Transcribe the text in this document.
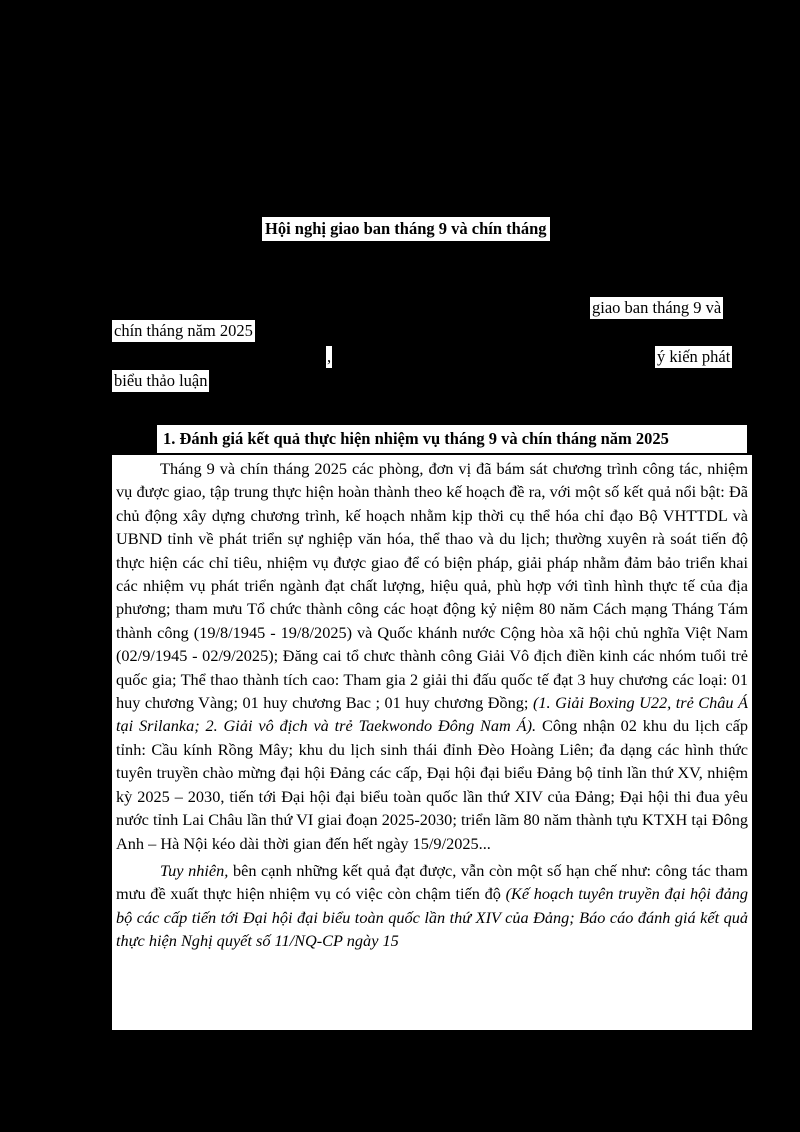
Hội nghị giao ban tháng 9 và chín tháng
giao ban tháng 9 và
chín tháng năm 2025
,	ý kiến phát
biểu thảo luận
1. Đánh giá kết quả thực hiện nhiệm vụ tháng 9 và chín tháng năm 2025

Tháng 9 và chín tháng 2025 các phòng, đơn vị đã bám sát chương trình công tác, nhiệm vụ được giao, tập trung thực hiện hoàn thành theo kế hoạch đề ra, với một số kết quả nổi bật: Đã chủ động xây dựng chương trình, kế hoạch nhằm kịp thời cụ thể hóa chỉ đạo Bộ VHTTDL và UBND tỉnh về phát triển sự nghiệp văn hóa, thể thao và du lịch; thường xuyên rà soát tiến độ thực hiện các chỉ tiêu, nhiệm vụ được giao để có biện pháp, giải pháp nhằm đảm bảo triển khai các nhiệm vụ phát triển ngành đạt chất lượng, hiệu quả, phù hợp với tình hình thực tế của địa phương; tham mưu Tổ chức thành công các hoạt động kỷ niệm 80 năm Cách mạng Tháng Tám thành công (19/8/1945 - 19/8/2025) và Quốc khánh nước Cộng hòa xã hội chủ nghĩa Việt Nam (02/9/1945 - 02/9/2025); Đăng cai tổ chưc thành công Giải Vô địch điền kinh các nhóm tuổi trẻ quốc gia; Thể thao thành tích cao: Tham gia 2 giải thi đấu quốc tế đạt 3 huy chương các loại: 01 huy chương Vàng; 01 huy chương Bac ; 01 huy chương Đồng; (1. Giải Boxing U22, trẻ Châu Á tại Srilanka; 2. Giải vô địch và trẻ Taekwondo Đông Nam Á). Công nhận 02 khu du lịch cấp tỉnh: Cầu kính Rồng Mây; khu du lịch sinh thái đỉnh Đèo Hoàng Liên; đa dạng các hình thức tuyên truyền chào mừng đại hội Đảng các cấp, Đại hội đại biểu Đảng bộ tỉnh lần thứ XV, nhiệm kỳ 2025 – 2030, tiến tới Đại hội đại biểu toàn quốc lần thứ XIV của Đảng; Đại hội thi đua yêu nước tỉnh Lai Châu lần thứ VI giai đoạn 2025-2030; triển lãm 80 năm thành tựu KTXH tại Đông Anh – Hà Nội kéo dài thời gian đến hết ngày 15/9/2025...

Tuy nhiên, bên cạnh những kết quả đạt được, vẫn còn một số hạn chế như: công tác tham mưu đề xuất thực hiện nhiệm vụ có việc còn chậm tiến độ (Kế hoạch tuyên truyền đại hội đảng bộ các cấp tiến tới Đại hội đại biểu toàn quốc lần thứ XIV của Đảng; Báo cáo đánh giá kết quả thực hiện Nghị quyết số 11/NQ-CP ngày 15
